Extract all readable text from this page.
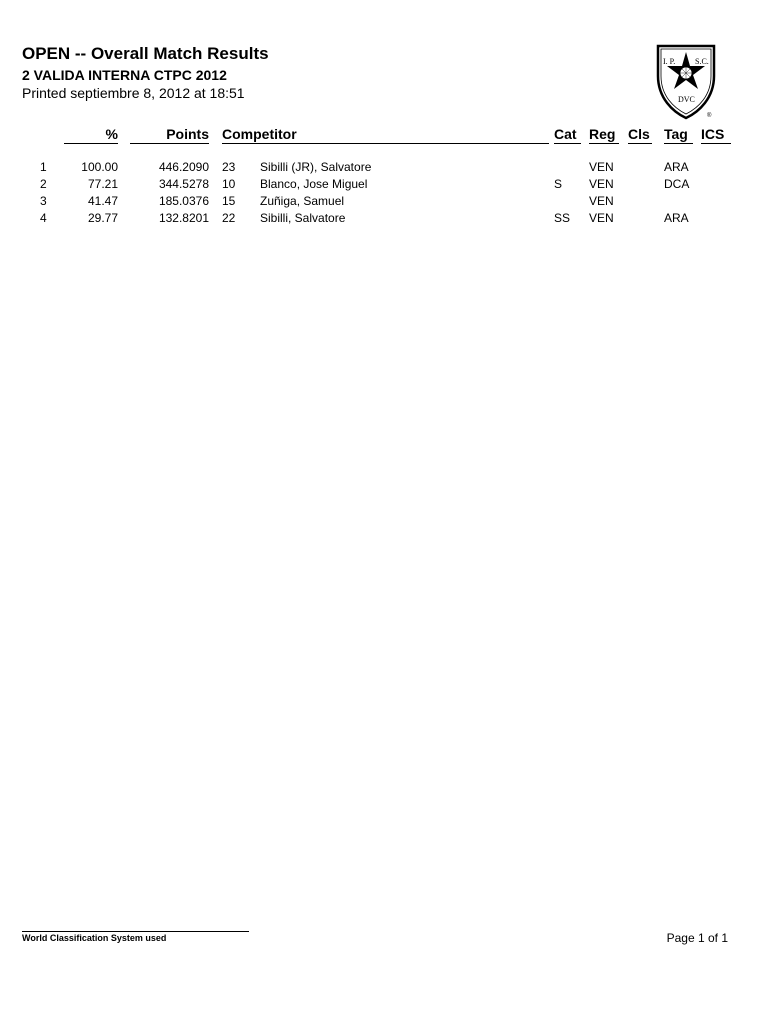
OPEN -- Overall Match Results
2 VALIDA INTERNA CTPC 2012
Printed septiembre 8, 2012 at 18:51
I. P. S.C.
DVC
®
%	Points Competitor	Cat Reg Cls Tag ICS
1	100.00	446.2090 23 Sibilli (JR), Salvatore	VEN	ARA
2	77.21	344.5278 10 Blanco, Jose Miguel	S VEN	DCA
3	41.47	185.0376 15 Zuñiga, Samuel	VEN
4	29.77	132.8201 22 Sibilli, Salvatore	SS VEN	ARA
World Classification System used	Page 1 of 1
